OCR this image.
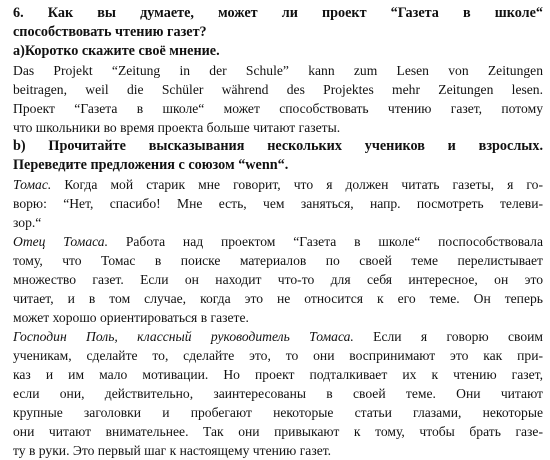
6. Как вы думаете, может ли проект “Газета в школе“
способствовать чтению газет?
a)Коротко скажите своё мнение.
Das Projekt “Zeitung in der Schule” kann zum Lesen von Zeitungen
beitragen, weil die Schüler während des Projektes mehr Zeitungen lesen.
Проект “Газета в школе“ может способствовать чтению газет, потому
что школьники во время проекта больше читают газеты.
b) Прочитайте высказывания нескольких учеников и взрослых.
Переведите предложения с союзом “wenn“.
Томас. Когда мой старик мне говорит, что я должен читать газеты, я го-
ворю: “Нет, спасибо! Мне есть, чем заняться, напр. посмотреть телеви-
зор.“
Отец Томаса. Работа над проектом “Газета в школе“ поспособствовала
тому, что Томас в поиске материалов по своей теме перелистывает
множество газет. Если он находит что-то для себя интересное, он это
читает, и в том случае, когда это не относится к его теме. Он теперь
может хорошо ориентироваться в газете.
Господин Поль, классный руководитель Томаса. Если я говорю своим
ученикам, сделайте то, сделайте это, то они воспринимают это как при-
каз и им мало мотивации. Но проект подталкивает их к чтению газет,
если они, действительно, заинтересованы в своей теме. Они читают
крупные заголовки и пробегают некоторые статьи глазами, некоторые
они читают внимательнее. Так они привыкают к тому, чтобы брать газе-
ту в руки. Это первый шаг к настоящему чтению газет.
